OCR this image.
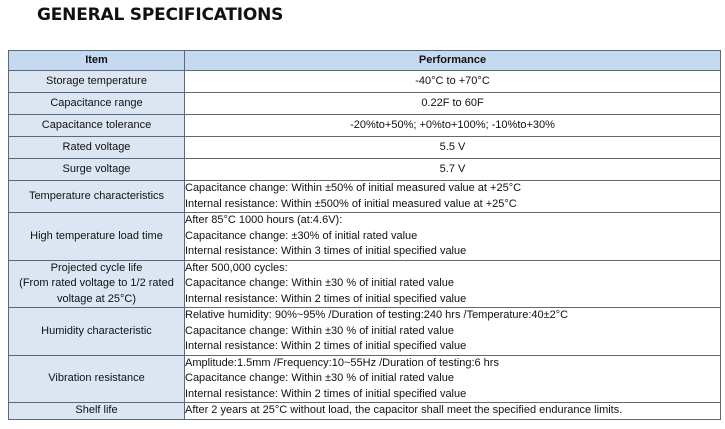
GENERAL SPECIFICATIONS
Item	Performance

Storage temperature	-40°C to +70°C

Capacitance range	0.22F to 60F

Capacitance tolerance	-20%to+50%; +0%to+100%; -10%to+30%

Rated voltage	5.5 V

Surge voltage	5.7 V

Temperature characteristics	Capacitance change: Within ±50% of initial measured value at +25°C
Internal resistance: Within ±500% of initial measured value at +25°C

High temperature load time	After 85°C 1000 hours (at:4.6V):
Capacitance change: ±30% of initial rated value
Internal resistance: Within 3 times of initial specified value

Projected cycle life
(From rated voltage to 1/2 rated
voltage at 25°C)	After 500,000 cycles:
Capacitance change: Within ±30 % of initial rated value
Internal resistance: Within 2 times of initial specified value

Humidity characteristic	Relative humidity: 90%~95% /Duration of testing:240 hrs /Temperature:40±2°C
Capacitance change: Within ±30 % of initial rated value
Internal resistance: Within 2 times of initial specified value

Vibration resistance	Amplitude:1.5mm /Frequency:10~55Hz /Duration of testing:6 hrs
Capacitance change: Within ±30 % of initial rated value
Internal resistance: Within 2 times of initial specified value

Shelf life	After 2 years at 25°C without load, the capacitor shall meet the specified endurance limits.
